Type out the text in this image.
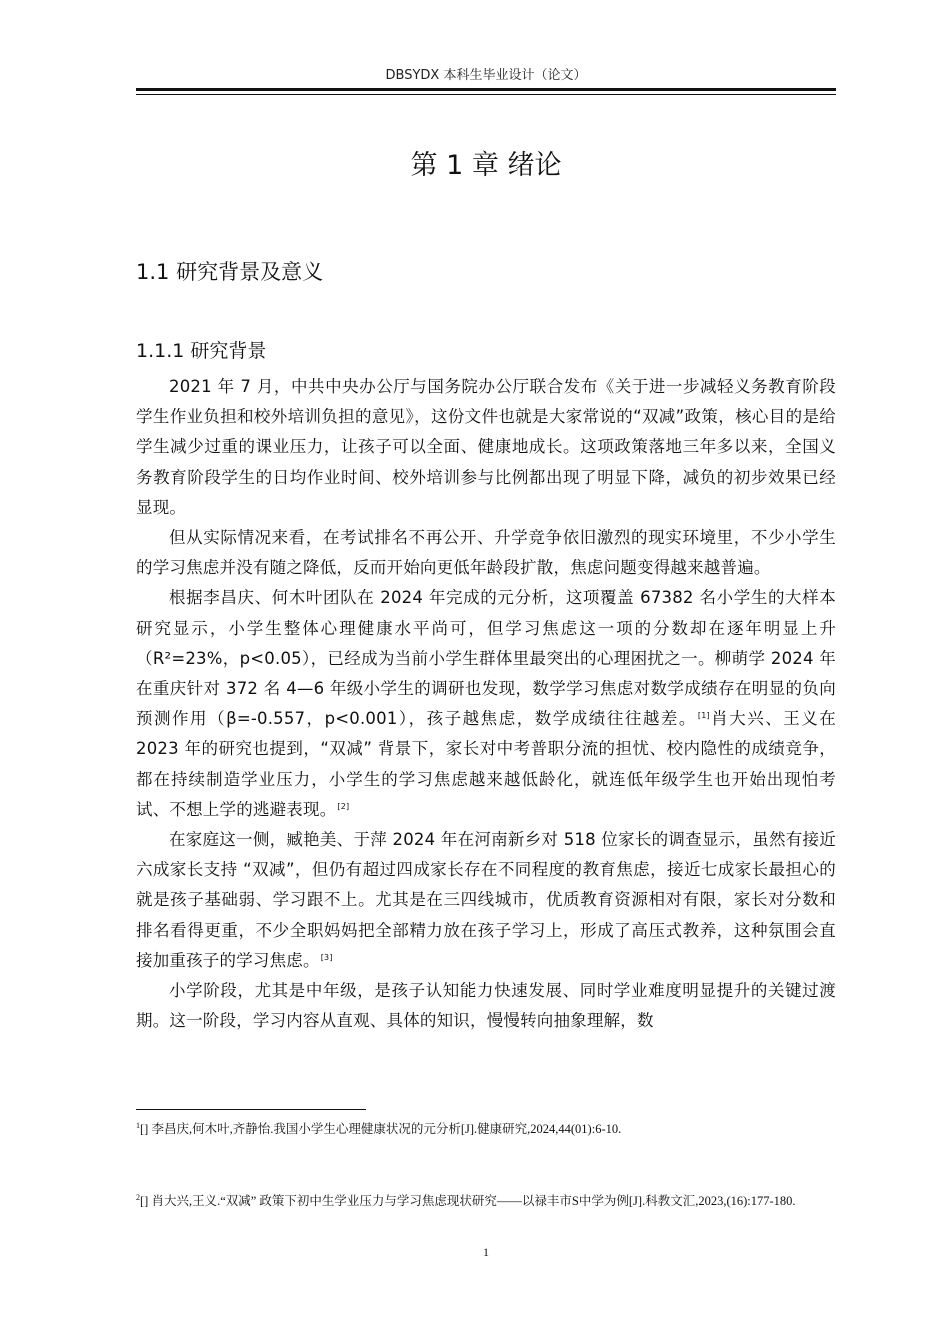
DBSYDX 本科生毕业设计（论文）
第 1 章 绪论
1.1 研究背景及意义
1.1.1 研究背景

2021 年 7 月，中共中央办公厅与国务院办公厅联合发布《关于进一步减轻义务教育阶段学生作业负担和校外培训负担的意见》，这份文件也就是大家常说的“双减”政策，核心目的是给学生减少过重的课业压力，让孩子可以全面、健康地成长。这项政策落地三年多以来，全国义务教育阶段学生的日均作业时间、校外培训参与比例都出现了明显下降，减负的初步效果已经显现。

但从实际情况来看，在考试排名不再公开、升学竞争依旧激烈的现实环境里，不少小学生的学习焦虑并没有随之降低，反而开始向更低年龄段扩散，焦虑问题变得越来越普遍。

根据李昌庆、何木叶团队在 2024 年完成的元分析，这项覆盖 67382 名小学生的大样本研究显示，小学生整体心理健康水平尚可，但学习焦虑这一项的分数却在逐年明显上升（R²=23%，p<0.05），已经成为当前小学生群体里最突出的心理困扰之一。柳萌学 2024 年在重庆针对 372 名 4—6 年级小学生的调研也发现，数学学习焦虑对数学成绩存在明显的负向预测作用（β=-0.557，p<0.001），孩子越焦虑，数学成绩往往越差。[1]肖大兴、王义在 2023 年的研究也提到，“双减” 背景下，家长对中考普职分流的担忧、校内隐性的成绩竞争，都在持续制造学业压力，小学生的学习焦虑越来越低龄化，就连低年级学生也开始出现怕考试、不想上学的逃避表现。[2]

在家庭这一侧，臧艳美、于萍 2024 年在河南新乡对 518 位家长的调查显示，虽然有接近六成家长支持 “双减”，但仍有超过四成家长存在不同程度的教育焦虑，接近七成家长最担心的就是孩子基础弱、学习跟不上。尤其是在三四线城市，优质教育资源相对有限，家长对分数和排名看得更重，不少全职妈妈把全部精力放在孩子学习上，形成了高压式教养，这种氛围会直接加重孩子的学习焦虑。[3]

小学阶段，尤其是中年级，是孩子认知能力快速发展、同时学业难度明显提升的关键过渡期。这一阶段，学习内容从直观、具体的知识，慢慢转向抽象理解，数

$^1$[] 李昌庆,何木叶,齐静怡.我国小学生心理健康状况的元分析[J].健康研究,2024,44(01):6-10.
$^2$[] 肖大兴,王义.“双减” 政策下初中生学业压力与学习焦虑现状研究——以禄丰市S中学为例[J].科教文汇,2023,(16):177-180.
1
